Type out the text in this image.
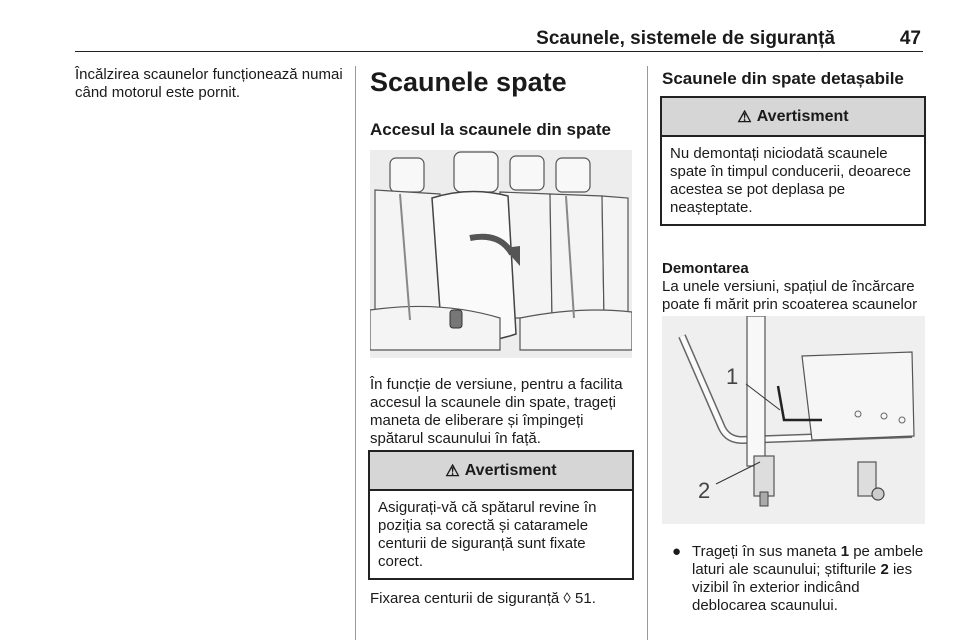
Scaunele, sistemele de siguranță	47
Încălzirea scaunelor funcționează numai când motorul este pornit.	Scaunele spate
Accesul la scaunele din spate
În funcție de versiune, pentru a facilita accesul la scaunele din spate, trageți maneta de eliberare și împingeți spătarul scaunului în față.
⚠ Avertisment
Asigurați-vă că spătarul revine în poziția sa corectă și cataramele centurii de siguranță sunt fixate corect.
Fixarea centurii de siguranță ◊ 51.
Scaunele din spate detașabile
⚠ Avertisment
Nu demontați niciodată scaunele spate în timpul conducerii, deoarece acestea se pot deplasa pe neașteptate.
Demontarea
La unele versiuni, spațiul de încărcare poate fi mărit prin scoaterea scaunelor
1
2
● Trageți în sus maneta 1 pe ambele laturi ale scaunului; știfturile 2 ies vizibil în exterior indicând deblocarea scaunului.
